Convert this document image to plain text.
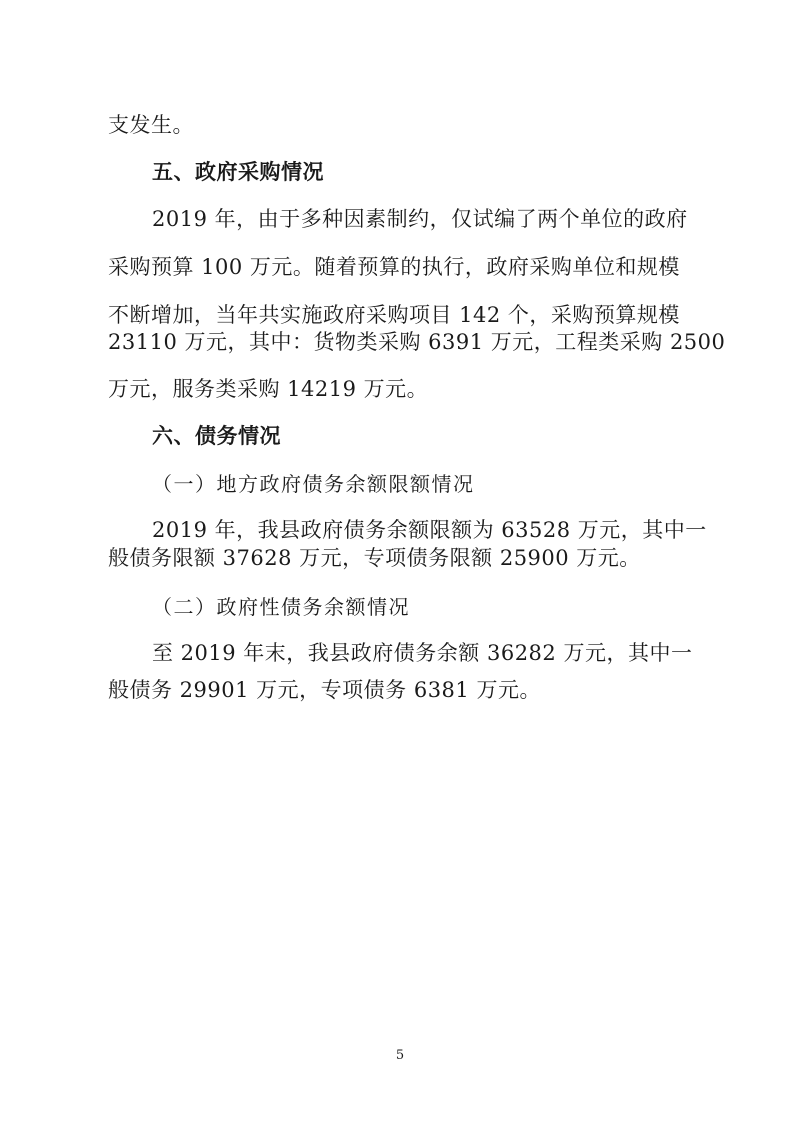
支发生。
五、政府采购情况
2019 年，由于多种因素制约，仅试编了两个单位的政府
采购预算 100 万元。随着预算的执行，政府采购单位和规模
不断增加，当年共实施政府采购项目 142 个，采购预算规模
23110 万元，其中：货物类采购 6391 万元，工程类采购 2500
万元，服务类采购 14219 万元。
六、债务情况
（一）地方政府债务余额限额情况
2019 年，我县政府债务余额限额为 63528 万元，其中一
般债务限额 37628 万元，专项债务限额 25900 万元。
（二）政府性债务余额情况
至 2019 年末，我县政府债务余额 36282 万元，其中一
般债务 29901 万元，专项债务 6381 万元。
5
